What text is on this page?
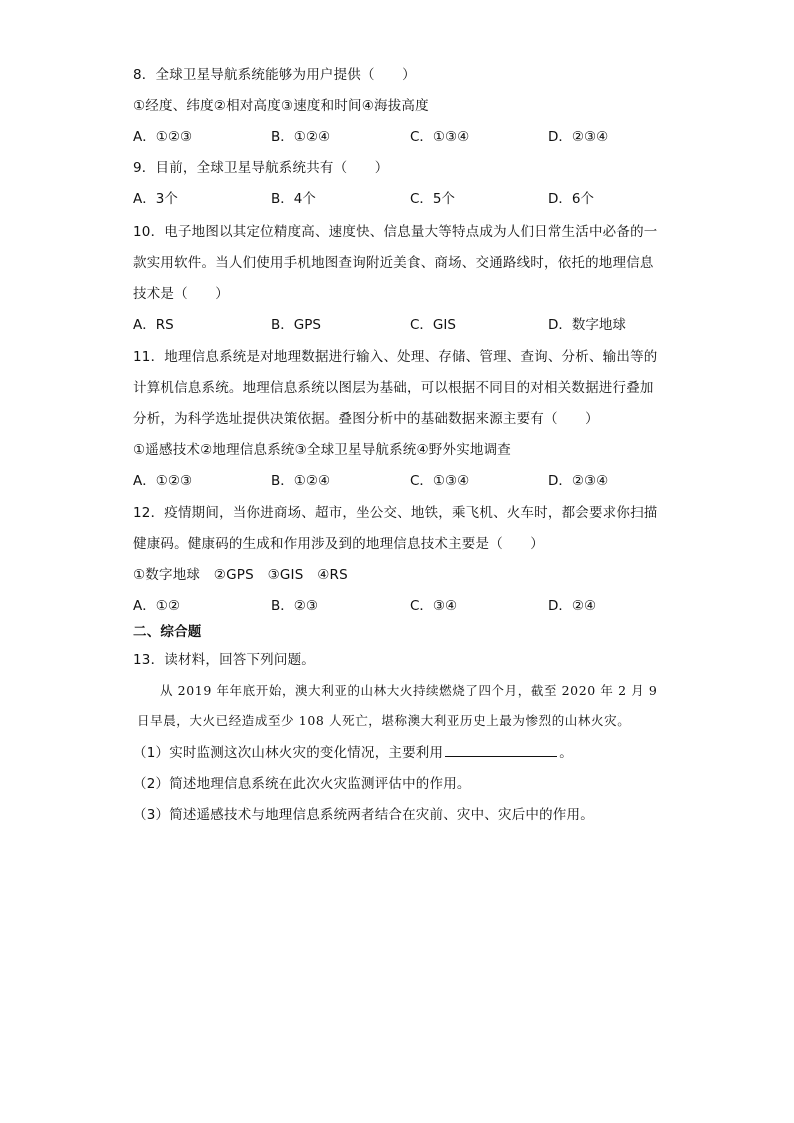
8．全球卫星导航系统能够为用户提供（　　）
①经度、纬度②相对高度③速度和时间④海拔高度
A．①②③	B．①②④	C．①③④	D．②③④
9．目前，全球卫星导航系统共有（　　）
A．3个	B．4个	C．5个	D．6个
10．电子地图以其定位精度高、速度快、信息量大等特点成为人们日常生活中必备的一
款实用软件。当人们使用手机地图查询附近美食、商场、交通路线时，依托的地理信息
技术是（　　）
A．RS	B．GPS	C．GIS	D．数字地球
11．地理信息系统是对地理数据进行输入、处理、存储、管理、查询、分析、输出等的
计算机信息系统。地理信息系统以图层为基础，可以根据不同目的对相关数据进行叠加
分析，为科学选址提供决策依据。叠图分析中的基础数据来源主要有（　　）
①遥感技术②地理信息系统③全球卫星导航系统④野外实地调查
A．①②③	B．①②④	C．①③④	D．②③④
12．疫情期间，当你进商场、超市，坐公交、地铁，乘飞机、火车时，都会要求你扫描
健康码。健康码的生成和作用涉及到的地理信息技术主要是（　　）
①数字地球　②GPS　③GIS　④RS
A．①②	B．②③	C．③④	D．②④
二、综合题
13．读材料，回答下列问题。
从 2019 年年底开始，澳大利亚的山林大火持续燃烧了四个月，截至 2020 年 2 月 9
日早晨，大火已经造成至少 108 人死亡，堪称澳大利亚历史上最为惨烈的山林火灾。
（1）实时监测这次山林火灾的变化情况，主要利用	。
（2）简述地理信息系统在此次火灾监测评估中的作用。
（3）简述遥感技术与地理信息系统两者结合在灾前、灾中、灾后中的作用。
